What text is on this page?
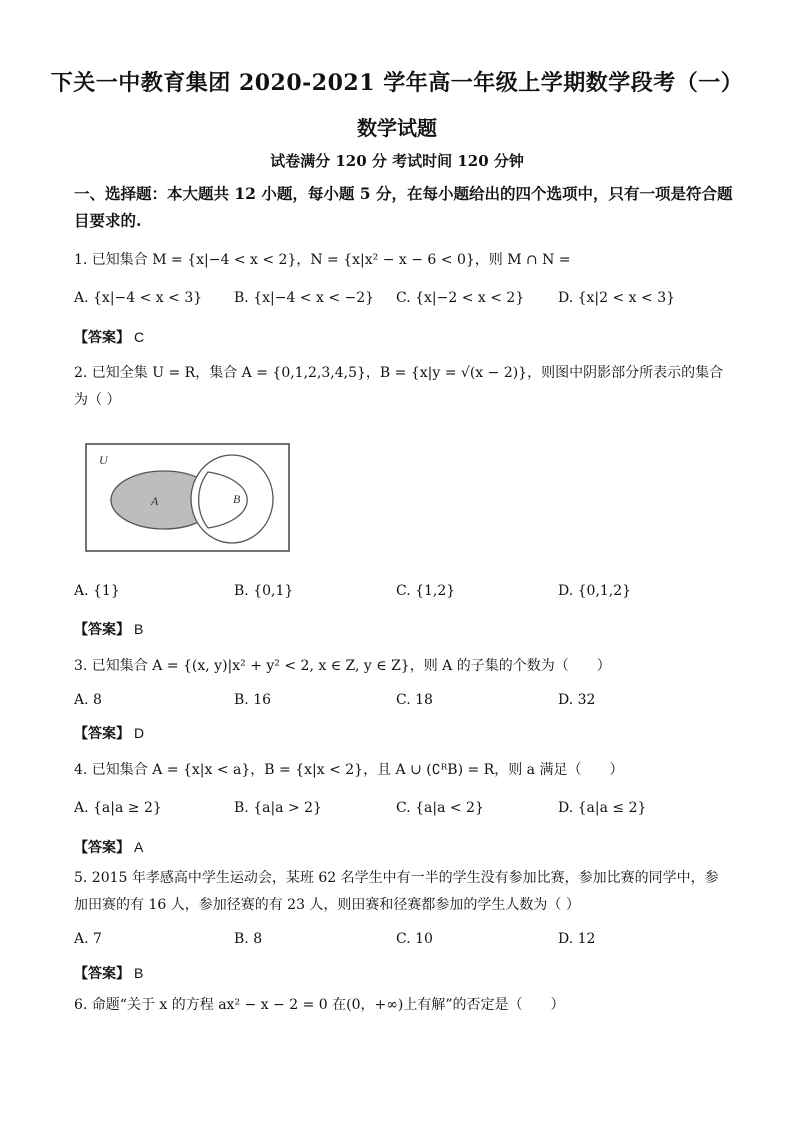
下关一中教育集团 2020-2021 学年高一年级上学期数学段考（一）
数学试题
试卷满分 120 分 考试时间 120 分钟
一、选择题：本大题共 12 小题，每小题 5 分，在每小题给出的四个选项中，只有一项是符合题目要求的.
1. 已知集合 M = {x|−4 < x < 2}，N = {x|x² − x − 6 < 0}，则 M ∩ N =
A. {x|−4 < x < 3} B. {x|−4 < x < −2} C. {x|−2 < x < 2} D. {x|2 < x < 3}
【答案】 C
2. 已知全集 U = R，集合 A = {0,1,2,3,4,5}，B = {x|y = √(x − 2)}，则图中阴影部分所表示的集合为（ ）
U
A	B
A. {1}	B. {0,1}	C. {1,2}	D. {0,1,2}
【答案】 B
3. 已知集合 A = {(x, y)|x² + y² < 2, x ∈ Z, y ∈ Z}，则 A 的子集的个数为（　　）
A. 8	B. 16	C. 18	D. 32
【答案】 D
4. 已知集合 A = {x|x < a}，B = {x|x < 2}，且 A ∪ (∁ᴿB) = R，则 a 满足（　　）
A. {a|a ≥ 2}	B. {a|a > 2}	C. {a|a < 2}	D. {a|a ≤ 2}
【答案】 A
5. 2015 年孝感高中学生运动会，某班 62 名学生中有一半的学生没有参加比赛，参加比赛的同学中，参加田赛的有 16 人，参加径赛的有 23 人，则田赛和径赛都参加的学生人数为（ ）
A. 7	B. 8	C. 10	D. 12
【答案】 B
6. 命题“关于 x 的方程 ax² − x − 2 = 0 在(0，+∞)上有解”的否定是（　　）
